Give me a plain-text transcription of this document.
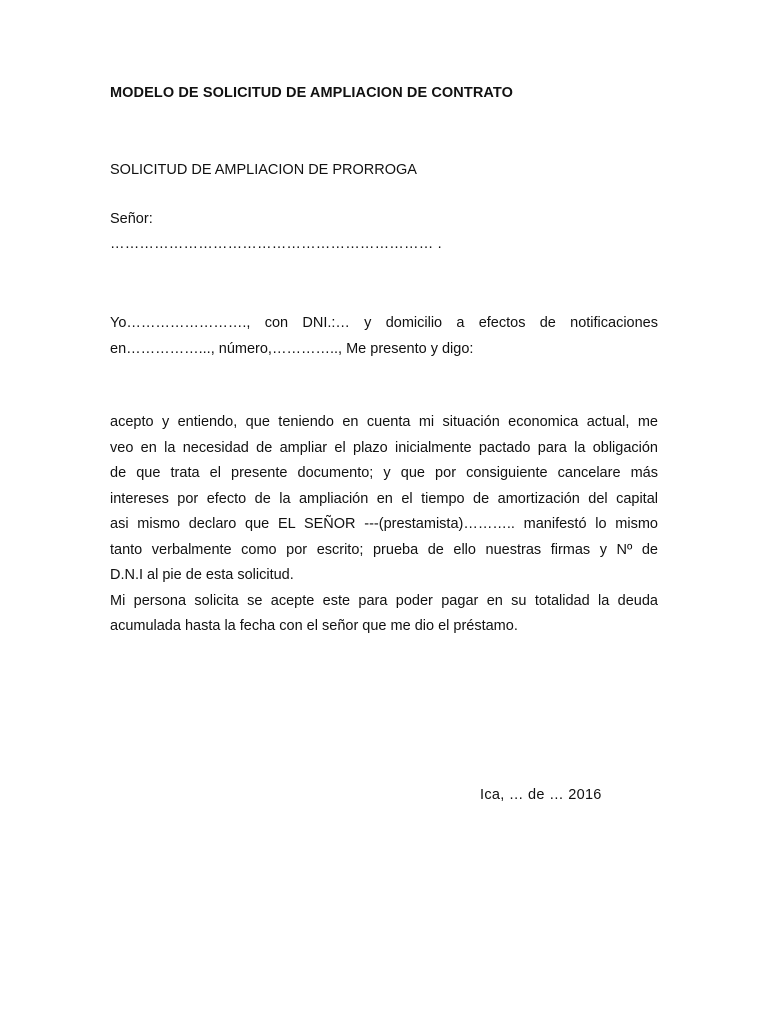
MODELO DE SOLICITUD DE AMPLIACION DE CONTRATO
SOLICITUD DE AMPLIACION DE PRORROGA
Señor:
………………………………………………………… .
Yo……………………., con DNI.:… y domicilio a efectos de notificaciones
en……………..., número,………….., Me presento y digo:
acepto y entiendo, que teniendo en cuenta mi situación economica actual, me
veo en la necesidad de ampliar el plazo inicialmente pactado para la obligación
de que trata el presente documento; y que por consiguiente cancelare más
intereses por efecto de la ampliación en el tiempo de amortización del capital
asi mismo declaro que EL SEÑOR ---(prestamista)……….. manifestó lo mismo
tanto verbalmente como por escrito; prueba de ello nuestras firmas y Nº de
D.N.I al pie de esta solicitud.
Mi persona solicita se acepte este para poder pagar en su totalidad la deuda
acumulada hasta la fecha con el señor que me dio el préstamo.
Ica, … de … 2016
